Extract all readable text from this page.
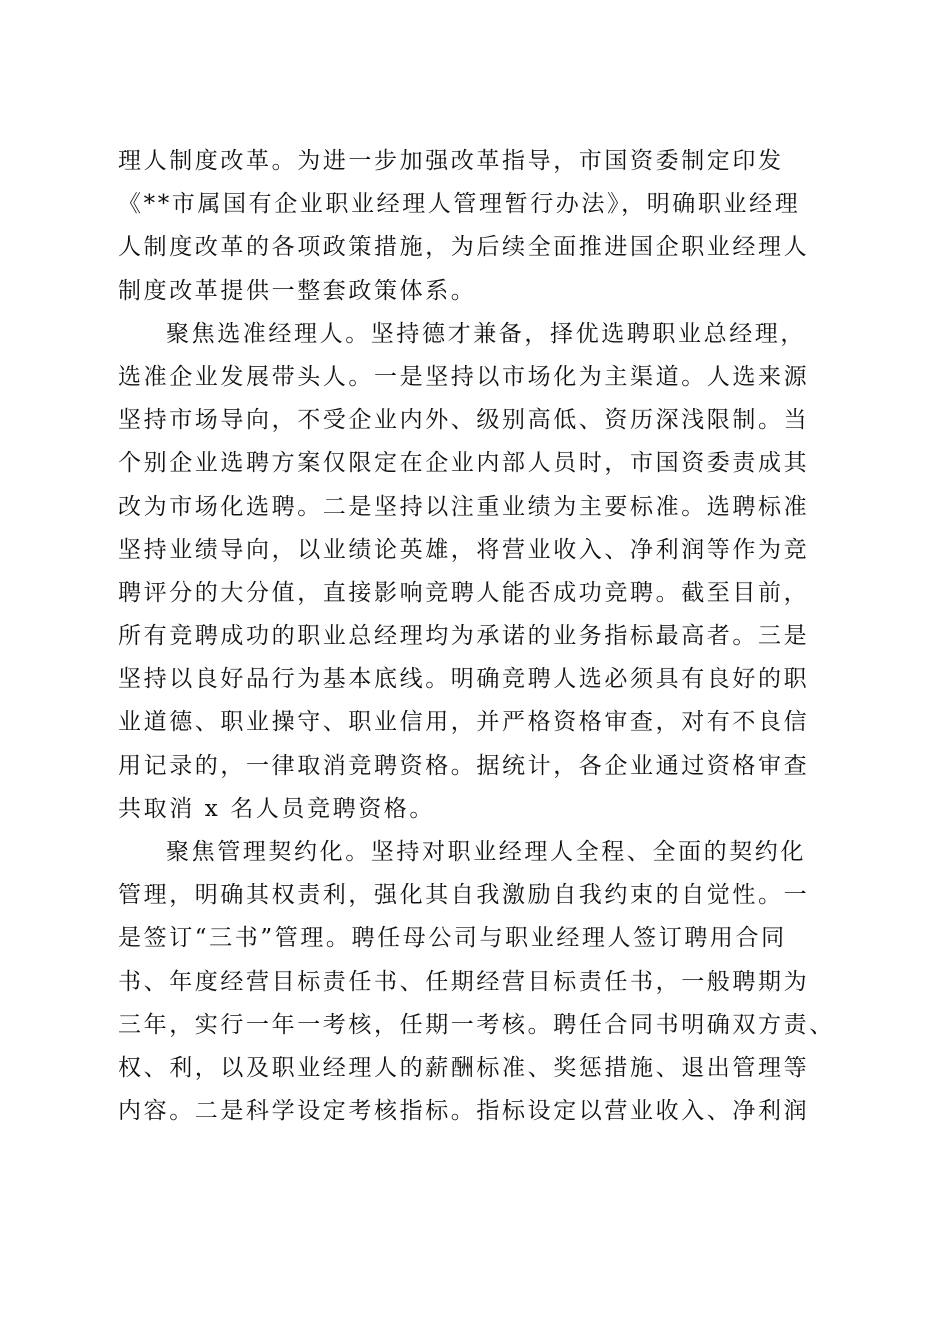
理人制度改革。为进一步加强改革指导，市国资委制定印发
《**市属国有企业职业经理人管理暂行办法》，明确职业经理
人制度改革的各项政策措施，为后续全面推进国企职业经理人
制度改革提供一整套政策体系。
聚焦选准经理人。坚持德才兼备，择优选聘职业总经理，
选准企业发展带头人。一是坚持以市场化为主渠道。人选来源
坚持市场导向，不受企业内外、级别高低、资历深浅限制。当
个别企业选聘方案仅限定在企业内部人员时，市国资委责成其
改为市场化选聘。二是坚持以注重业绩为主要标准。选聘标准
坚持业绩导向，以业绩论英雄，将营业收入、净利润等作为竞
聘评分的大分值，直接影响竞聘人能否成功竞聘。截至目前，
所有竞聘成功的职业总经理均为承诺的业务指标最高者。三是
坚持以良好品行为基本底线。明确竞聘人选必须具有良好的职
业道德、职业操守、职业信用，并严格资格审查，对有不良信
用记录的，一律取消竞聘资格。据统计，各企业通过资格审查
共取消 x 名人员竞聘资格。
聚焦管理契约化。坚持对职业经理人全程、全面的契约化
管理，明确其权责利，强化其自我激励自我约束的自觉性。一
是签订“三书”管理。聘任母公司与职业经理人签订聘用合同
书、年度经营目标责任书、任期经营目标责任书，一般聘期为
三年，实行一年一考核，任期一考核。聘任合同书明确双方责、
权、利，以及职业经理人的薪酬标准、奖惩措施、退出管理等
内容。二是科学设定考核指标。指标设定以营业收入、净利润
